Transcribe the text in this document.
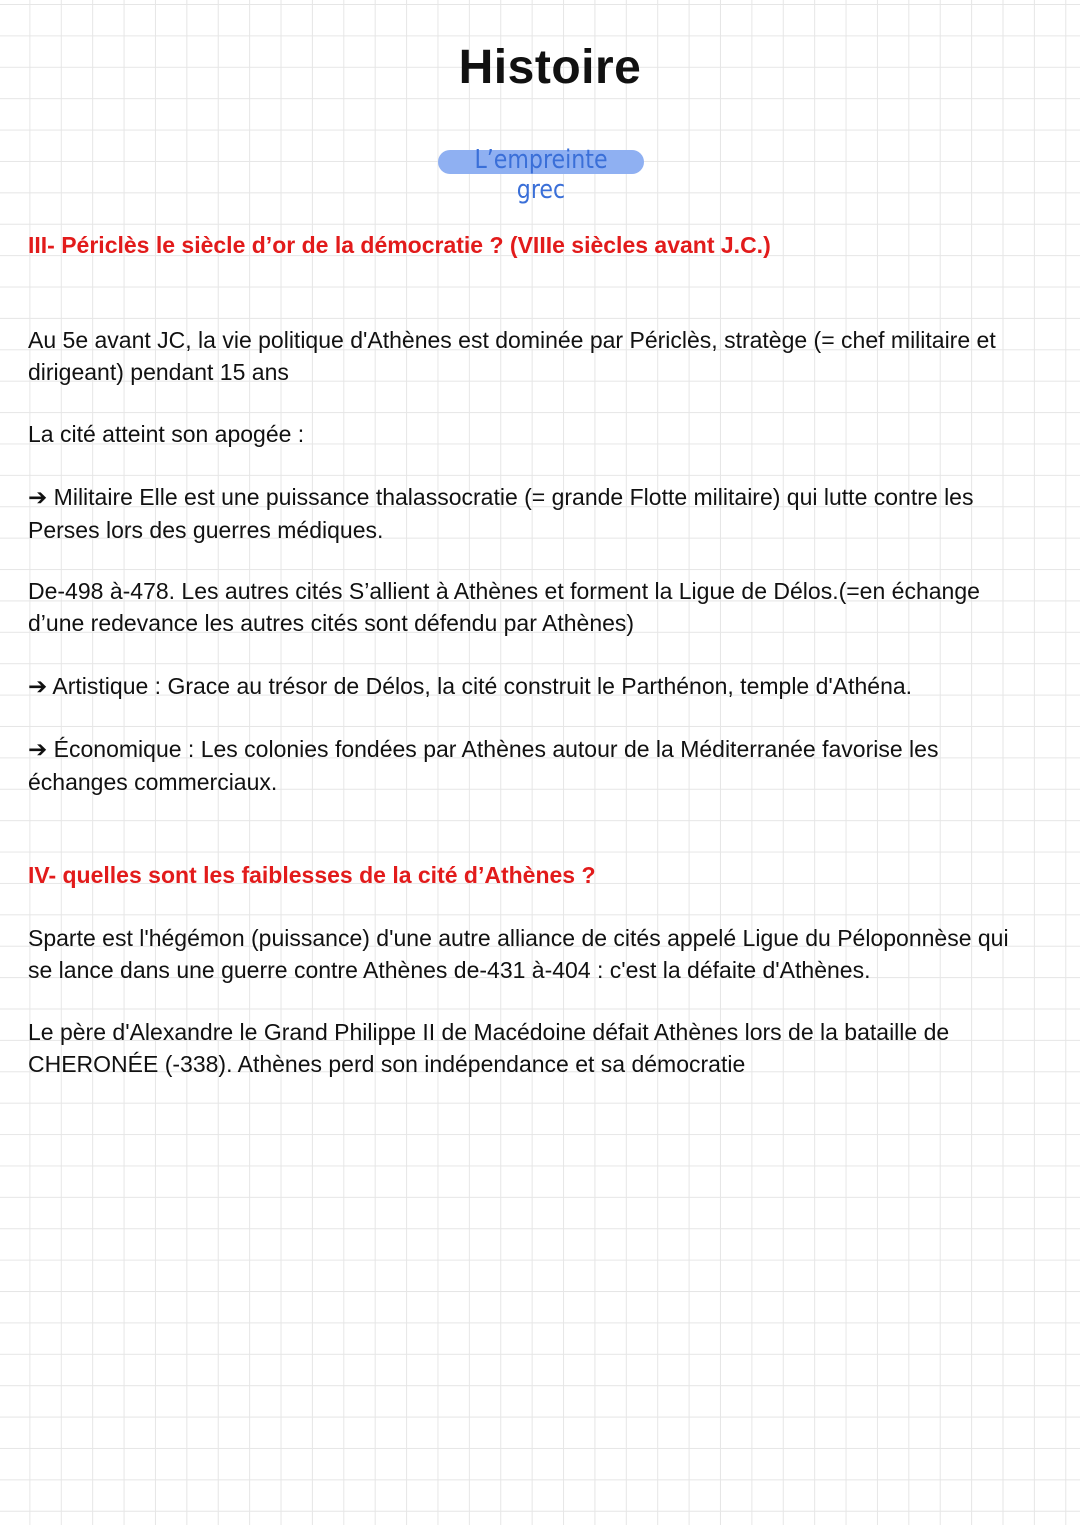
Histoire
L’empreinte grec
III- Périclès le siècle d’or de la démocratie ? (VIIIe siècles avant J.C.)
Au 5e avant JC, la vie politique d'Athènes est dominée par Périclès, stratège (= chef militaire et dirigeant) pendant 15 ans
La cité atteint son apogée :
➔ Militaire Elle est une puissance thalassocratie (= grande Flotte militaire) qui lutte contre les Perses lors des guerres médiques.
De-498 à-478. Les autres cités S’allient à Athènes et forment la Ligue de Délos.(=en échange d’une redevance les autres cités sont défendu par Athènes)
➔ Artistique : Grace au trésor de Délos, la cité construit le Parthénon, temple d'Athéna.
➔ Économique : Les colonies fondées par Athènes autour de la Méditerranée favorise les échanges commerciaux.
IV- quelles sont les faiblesses de la cité d’Athènes ?
Sparte est l'hégémon (puissance) d'une autre alliance de cités appelé Ligue du Péloponnèse qui se lance dans une guerre contre Athènes de-431 à-404 : c'est la défaite d'Athènes.
Le père d'Alexandre le Grand Philippe II de Macédoine défait Athènes lors de la bataille de CHERONÉE (-338). Athènes perd son indépendance et sa démocratie
